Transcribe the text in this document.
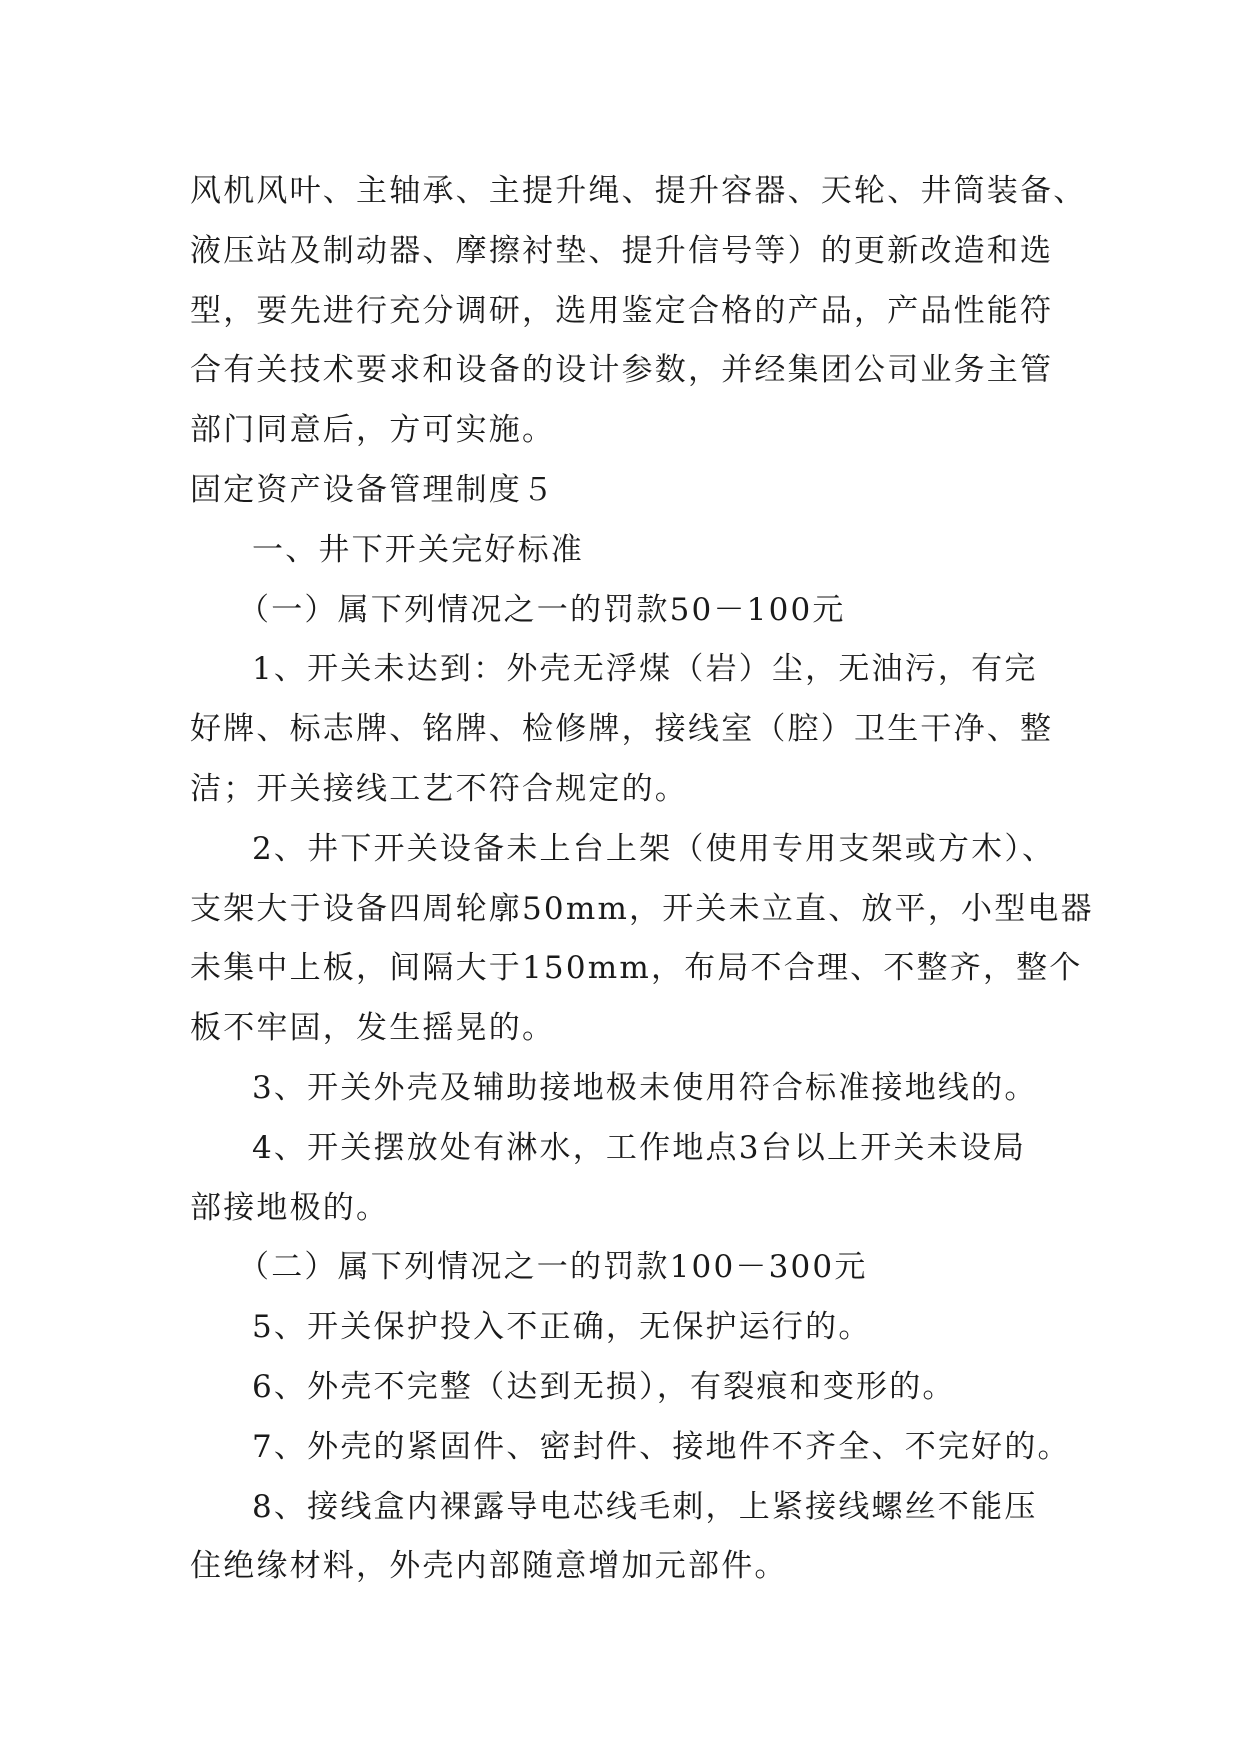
风机风叶、主轴承、主提升绳、提升容器、天轮、井筒装备、
液压站及制动器、摩擦衬垫、提升信号等）的更新改造和选
型，要先进行充分调研，选用鉴定合格的产品，产品性能符
合有关技术要求和设备的设计参数，并经集团公司业务主管
部门同意后，方可实施。
固定资产设备管理制度５
一、井下开关完好标准
（一）属下列情况之一的罚款50－100元
1、开关未达到：外壳无浮煤（岩）尘，无油污，有完
好牌、标志牌、铭牌、检修牌，接线室（腔）卫生干净、整
洁；开关接线工艺不符合规定的。
2、井下开关设备未上台上架（使用专用支架或方木）、
支架大于设备四周轮廓50mm，开关未立直、放平，小型电器
未集中上板，间隔大于150mm，布局不合理、不整齐，整个
板不牢固，发生摇晃的。
3、开关外壳及辅助接地极未使用符合标准接地线的。
4、开关摆放处有淋水，工作地点3台以上开关未设局
部接地极的。
（二）属下列情况之一的罚款100－300元
5、开关保护投入不正确，无保护运行的。
6、外壳不完整（达到无损），有裂痕和变形的。
7、外壳的紧固件、密封件、接地件不齐全、不完好的。
8、接线盒内裸露导电芯线毛刺，上紧接线螺丝不能压
住绝缘材料，外壳内部随意增加元部件。
